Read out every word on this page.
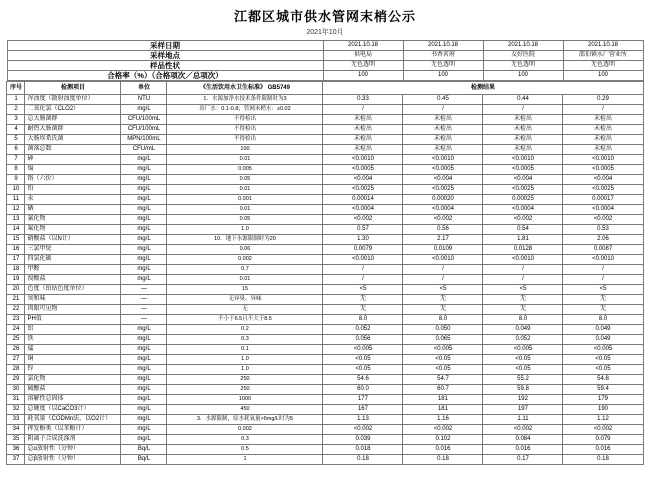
江都区城市供水管网末梢公示
2021年10月
采样日期	2021.10.18	2021.10.18	2021.10.18	2021.10.18
采样地点	供电局	书香茗府	友好医院	邵伯镇水厂营业所
样品性状	无色透明	无色透明	无色透明	无色透明
合格率（%）（合格项次／总项次）	100	100	100	100
序号	检测项目	单位	《生活饮用水卫生标准》 GB5749	检测结果			
1	浑浊度（散射浊度单位）	NTU	1．水源加净水技术条件限制时为3	0.33	0.45	0.44	0.29
2	二氧化氯（CLO2）	mg/L	出厂水：0.1-0.8；管网末梢水：≥0.02	/	/	/	/
3	总大肠菌群	CFU/100mL	不得检出	未检出	未检出	未检出	未检出
4	耐热大肠菌群	CFU/100mL	不得检出	未检出	未检出	未检出	未检出
5	大肠埃希氏菌	MPN/100mL	不得检出	未检出	未检出	未检出	未检出
6	菌落总数	CFU/mL	100	未检出	未检出	未检出	未检出
7	砷	mg/L	0.01	<0.0010	<0.0010	<0.0010	<0.0010
8	镉	mg/L	0.005	<0.0005	<0.0005	<0.0005	<0.0005
9	铬（六价）	mg/L	0.05	<0.004	<0.004	<0.004	<0.004
10	铅	mg/L	0.01	<0.0025	<0.0025	<0.0025	<0.0025
11	汞	mg/L	0.001	0.00014	0.00020	0.00025	0.00017
12	硒	mg/L	0.01	<0.0004	<0.0004	<0.0004	<0.0004
13	氰化物	mg/L	0.05	<0.002	<0.002	<0.002	<0.002
14	氟化物	mg/L	1.0	0.57	0.56	0.54	0.53
15	硝酸盐（以N计）	mg/L	10．地下水源限制时为20	1.30	2.17	1.81	2.06
16	三氯甲烷	mg/L	0.06	0.0079	0.0109	0.0128	0.0087
17	四氯化碳	mg/L	0.002	<0.0010	<0.0010	<0.0010	<0.0010
18	甲醛	mg/L	0.7	/	/	/	/
19	溴酸盐	mg/L	0.01	/	/	/	/
20	色度（铂钴色度单位）	—	15	<5	<5	<5	<5
21	臭和味	—	无异臭、异味	无	无	无	无
22	肉眼可见物	—	无	无	无	无	无
23	PH值	—	不小于6.5且不大于8.5	8.0	8.0	8.0	8.0
24	铝	mg/L	0.2	0.052	0.050	0.049	0.049
25	铁	mg/L	0.3	0.056	0.065	0.052	0.049
26	锰	mg/L	0.1	<0.005	<0.005	<0.005	<0.005
27	铜	mg/L	1.0	<0.05	<0.05	<0.05	<0.05
28	锌	mg/L	1.0	<0.05	<0.05	<0.05	<0.05
29	氯化物	mg/L	250	54.6	54.7	55.2	54.8
30	硫酸盐	mg/L	250	60.0	60.7	59.8	59.4
31	溶解性总固体	mg/L	1000	177	181	192	179
32	总硬度（以CaCO3计）	mg/L	450	167	181	197	190
33	耗氧量（CODMn法，以O2计）	mg/L	3．水源限制，原水耗氧量>6mg/L时为5	1.13	1.16	1.11	1.12
34	挥发酚类（以苯酚计）	mg/L	0.002	<0.002	<0.002	<0.002	<0.002
35	阴离子合成洗涤剂	mg/L	0.3	0.039	0.102	0.084	0.079
36	总α放射性（分钟）	Bq/L	0.5	0.018	0.016	0.016	0.016
37	总β放射性（分钟）	Bq/L	1	0.18	0.18	0.17	0.18
